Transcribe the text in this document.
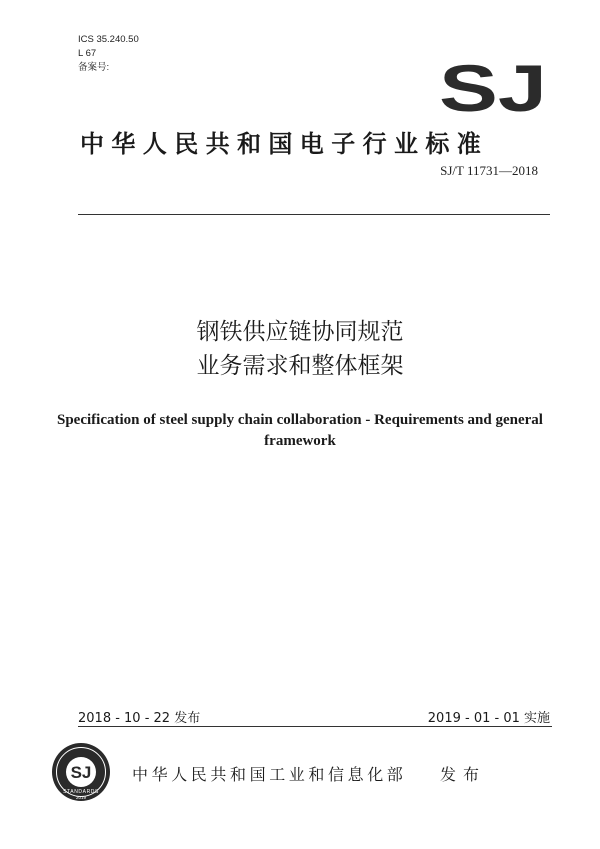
ICS 35.240.50
L 67
备案号:	SJ
中华人民共和国电子行业标准
SJ/T 11731—2018
钢铁供应链协同规范
业务需求和整体框架
Specification of steel supply chain collaboration - Requirements and general framework
2018 - 10 - 22 发布	2019 - 01 - 01 实施
SJ
STANDARDS
2019
中华人民共和国工业和信息化部 发布
